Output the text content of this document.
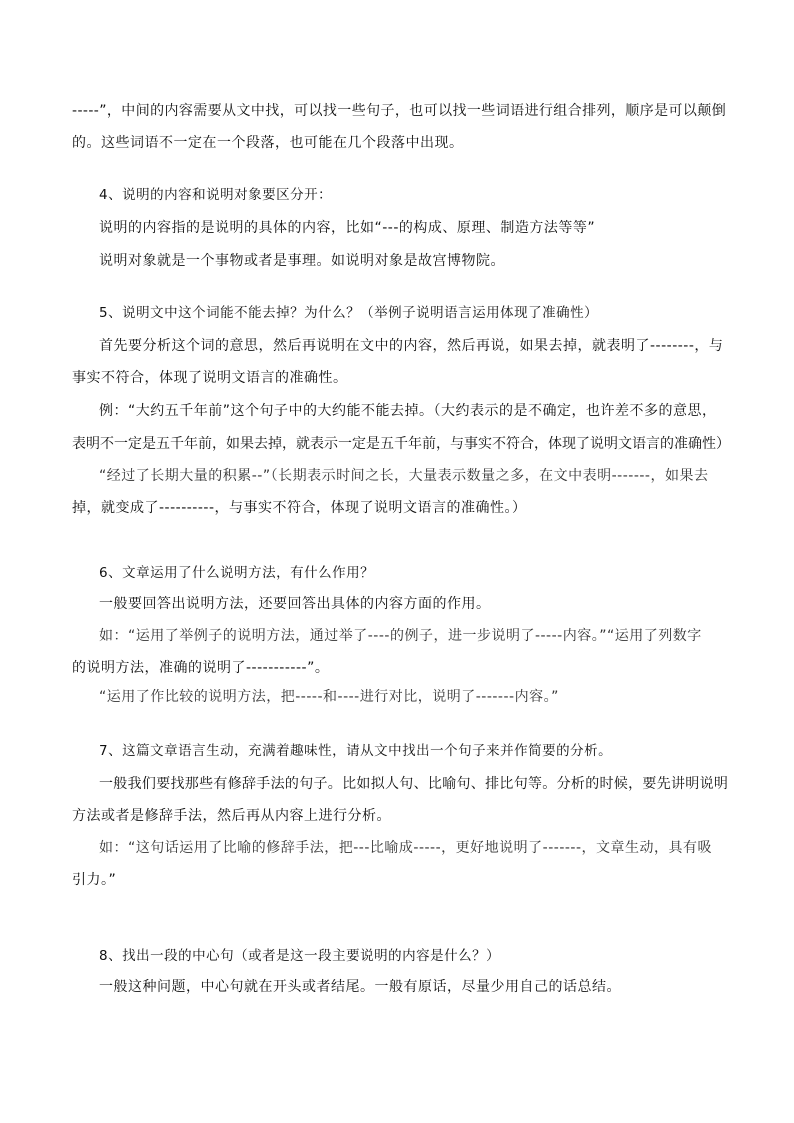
-----”，中间的内容需要从文中找，可以找一些句子，也可以找一些词语进行组合排列，顺序是可以颠倒
的。这些词语不一定在一个段落，也可能在几个段落中出现。
4、说明的内容和说明对象要区分开：
说明的内容指的是说明的具体的内容，比如“---的构成、原理、制造方法等等”
说明对象就是一个事物或者是事理。如说明对象是故宫博物院。
5、说明文中这个词能不能去掉？为什么？（举例子说明语言运用体现了准确性）
首先要分析这个词的意思，然后再说明在文中的内容，然后再说，如果去掉，就表明了--------，与
事实不符合，体现了说明文语言的准确性。
例：“大约五千年前”这个句子中的大约能不能去掉。（大约表示的是不确定，也许差不多的意思，
表明不一定是五千年前，如果去掉，就表示一定是五千年前，与事实不符合，体现了说明文语言的准确性）
“经过了长期大量的积累--”（长期表示时间之长，大量表示数量之多，在文中表明-------，如果去
掉，就变成了----------，与事实不符合，体现了说明文语言的准确性。）
6、文章运用了什么说明方法，有什么作用？
一般要回答出说明方法，还要回答出具体的内容方面的作用。
如：“运用了举例子的说明方法，通过举了----的例子，进一步说明了-----内容。”“运用了列数字
的说明方法，准确的说明了-----------”。
“运用了作比较的说明方法，把-----和----进行对比，说明了-------内容。”
7、这篇文章语言生动，充满着趣味性，请从文中找出一个句子来并作简要的分析。
一般我们要找那些有修辞手法的句子。比如拟人句、比喻句、排比句等。分析的时候，要先讲明说明
方法或者是修辞手法，然后再从内容上进行分析。
如：“这句话运用了比喻的修辞手法，把---比喻成-----，更好地说明了-------，文章生动，具有吸
引力。”
8、找出一段的中心句（或者是这一段主要说明的内容是什么？）
一般这种问题，中心句就在开头或者结尾。一般有原话，尽量少用自己的话总结。
